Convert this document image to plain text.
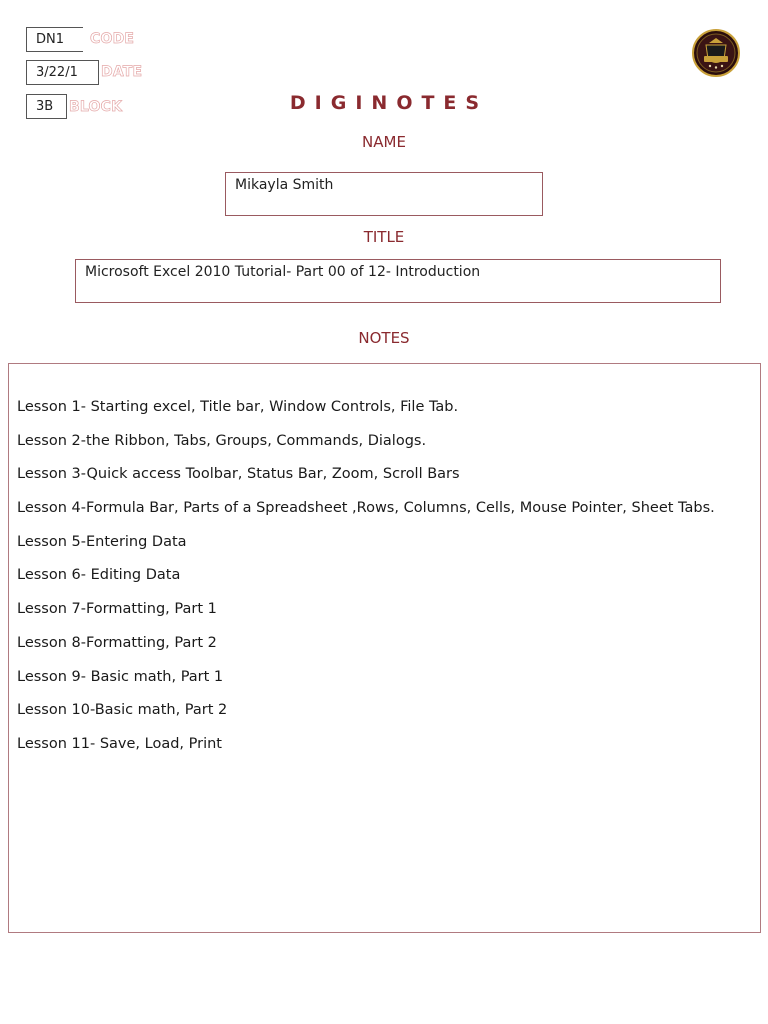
DN1	CODE
3/22/1	DATE
3B	BLOCK	DIGINOTES
NAME
Mikayla Smith
TITLE
Microsoft Excel 2010 Tutorial- Part 00 of 12- Introduction
NOTES
Lesson 1- Starting excel, Title bar, Window Controls, File Tab.
Lesson 2-the Ribbon, Tabs, Groups, Commands, Dialogs.
Lesson 3-Quick access Toolbar, Status Bar, Zoom, Scroll Bars
Lesson 4-Formula Bar, Parts of a Spreadsheet ,Rows, Columns, Cells, Mouse Pointer, Sheet Tabs.
Lesson 5-Entering Data
Lesson 6- Editing Data
Lesson 7-Formatting, Part 1
Lesson 8-Formatting, Part 2
Lesson 9- Basic math, Part 1
Lesson 10-Basic math, Part 2
Lesson 11- Save, Load, Print
